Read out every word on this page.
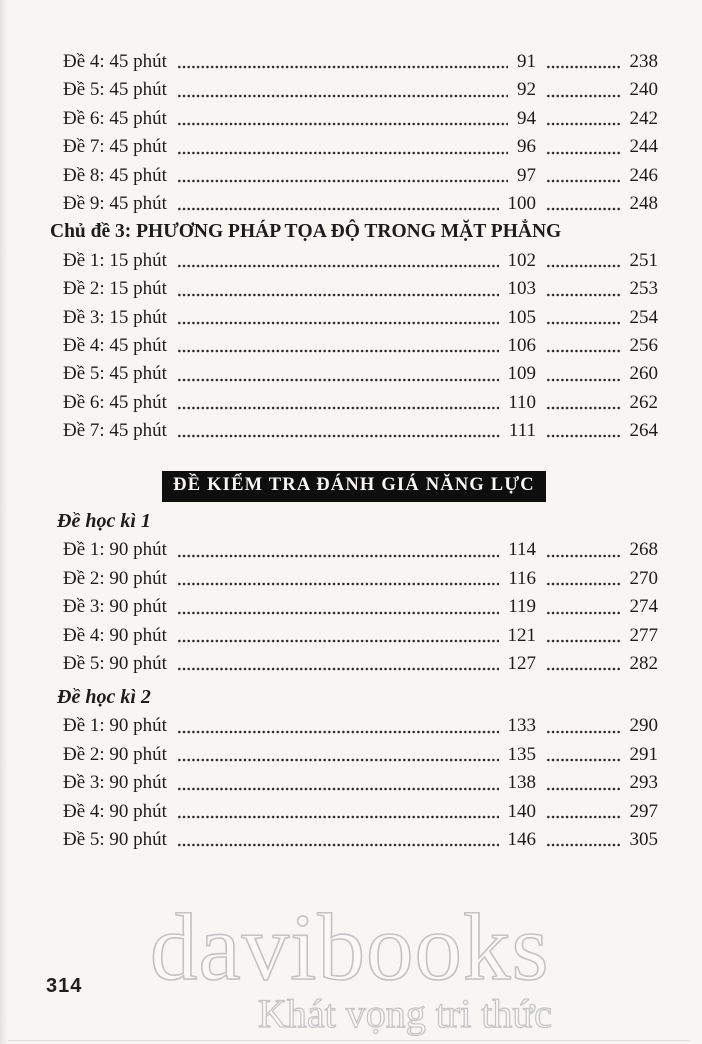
Đề 4: 45 phút	91	238
Đề 5: 45 phút	92	240
Đề 6: 45 phút	94	242
Đề 7: 45 phút	96	244
Đề 8: 45 phút	97	246
Đề 9: 45 phút	100	248
Chủ đề 3: PHƯƠNG PHÁP TỌA ĐỘ TRONG MẶT PHẲNG
Đề 1: 15 phút	102	251
Đề 2: 15 phút	103	253
Đề 3: 15 phút	105	254
Đề 4: 45 phút	106	256
Đề 5: 45 phút	109	260
Đề 6: 45 phút	110	262
Đề 7: 45 phút	111	264
ĐỀ KIỂM TRA ĐÁNH GIÁ NĂNG LỰC
Đề học kì 1
Đề 1: 90 phút	114	268
Đề 2: 90 phút	116	270
Đề 3: 90 phút	119	274
Đề 4: 90 phút	121	277
Đề 5: 90 phút	127	282
Đề học kì 2
Đề 1: 90 phút	133	290
Đề 2: 90 phút	135	291
Đề 3: 90 phút	138	293
Đề 4: 90 phút	140	297
Đề 5: 90 phút	146	305
davibooks
Khát vọng tri thức
314
